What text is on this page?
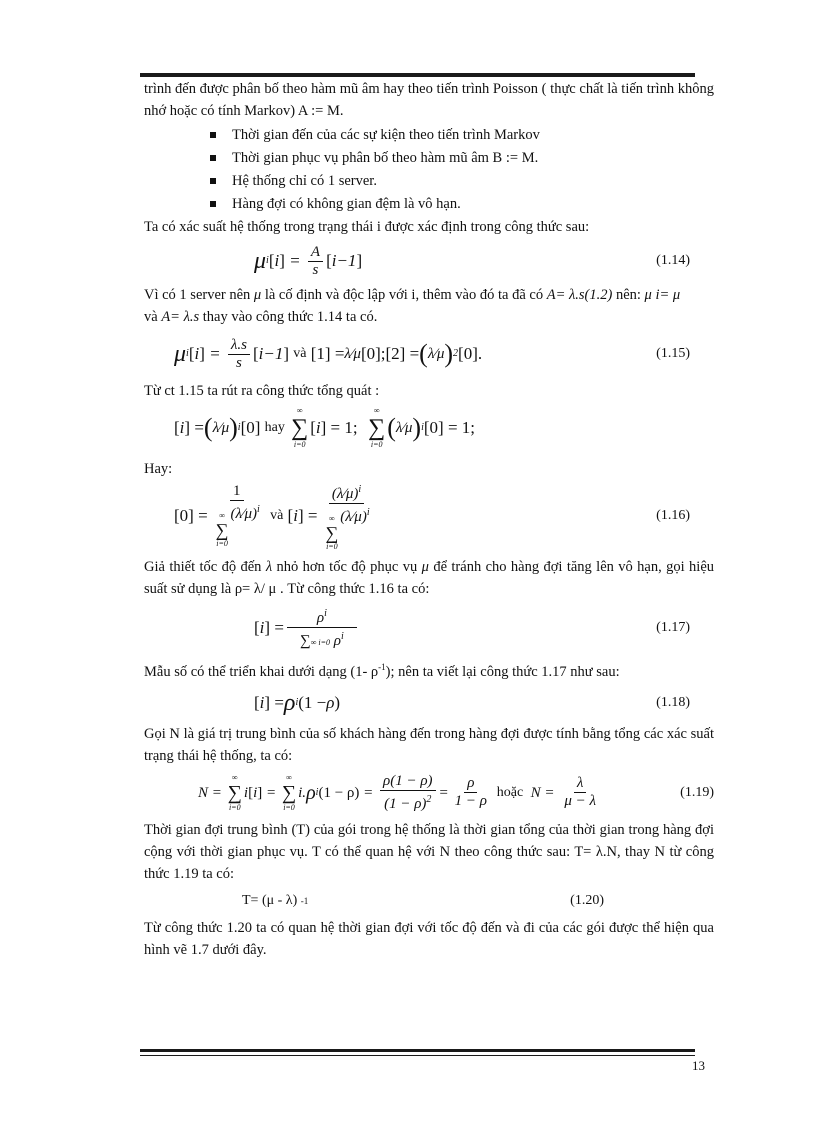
trình đến được phân bố theo hàm mũ âm hay theo tiến trình Poisson ( thực chất là tiến trình không nhớ hoặc có tính Markov) A := M.

Thời gian đến của các sự kiện theo tiến trình Markov
Thời gian phục vụ phân bố theo hàm mũ âm B := M.
Hệ thống chỉ có 1 server.
Hàng đợi có không gian đệm là vô hạn.

Ta có xác suất hệ thống trong trạng thái i được xác định trong công thức sau:

μ i [ i ] = $\frac{A}{s}$ [ i−1 ]	(1.14)

Vì có 1 server nên μ là cố định và độc lập với i, thêm vào đó ta đã có A= λ.s(1.2) nên: μ i= μ
và A= λ.s thay vào công thức 1.14 ta có.

μ i [ i ] = $\frac{\lambda.s}{s}$ [ i−1 ]
và
[1] = λ⁄μ [0];[2] = ( λ⁄μ ) 2 [0].	(1.15)

Từ ct 1.15 ta rút ra công thức tổng quát :

[ i ] = ( λ⁄μ ) i [0]
hay

∞
∑
i=0
[ i ] = 1;

∞
∑
i=0
( λ⁄μ ) i [0] = 1;

Hay:

[0] = 1
∞
∑
i=0
(λ⁄μ)$^i$
và
[ i ] = (λ⁄μ)$^i$
∞
∑
i=0
(λ⁄μ)$^i$	(1.16)

Giả thiết tốc độ đến λ nhỏ hơn tốc độ phục vụ μ để tránh cho hàng đợi tăng lên vô hạn, gọi hiệu suất sử dụng là ρ= λ/ μ . Từ công thức 1.16 ta có:

[ i ] = $\frac{\rho^i}{\sum\infty i=0 \rho^i}$	(1.17)

Mẫu số có thể triển khai dưới dạng (1- $\rho^{-1}$); nên ta viết lại công thức 1.17 như sau:

[ i ] = ρ i (1 − ρ )	(1.18)

Gọi N là giá trị trung bình của số khách hàng đến trong hàng đợi được tính bằng tổng các xác suất trạng thái hệ thống, ta có:

N =
∞
∑
i=0
i [ i ] =
∞
∑
i=0
i. ρ i $(1 - \rho) = \frac{\rho(1 - \rho)}{(1 - \rho)^2} = \frac{\rho}{1 - \rho}$
hoặc $N = \frac{\lambda}{\mu - \lambda}$	(1.19)

Thời gian đợi trung bình (T) của gói trong hệ thống là thời gian tổng của thời gian trong hàng đợi cộng với thời gian phục vụ. T có thể quan hệ với N theo công thức sau: T= λ.N, thay N từ công thức 1.19 ta có:

T= (μ - λ)
-1	(1.20)

Từ công thức 1.20 ta có quan hệ thời gian đợi với tốc độ đến và đi của các gói được thể hiện qua hình vẽ 1.7 dưới đây.

13
